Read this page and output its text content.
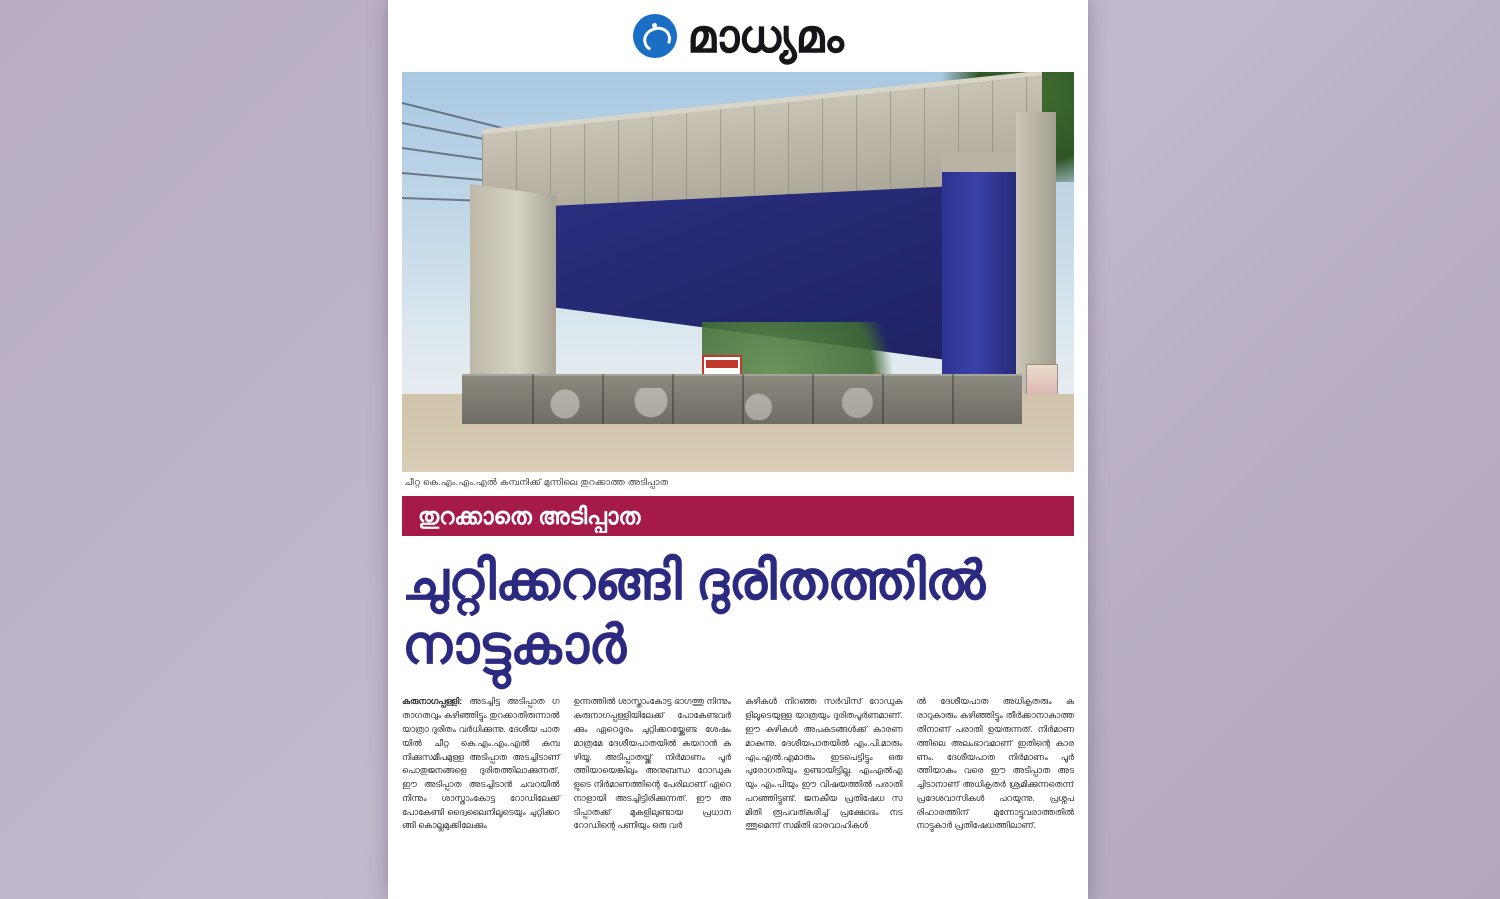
മാധ്യമം
ചീറ്റ കെ.എം.എം.എൽ കമ്പനിക്ക് മുന്നിലെ തുറക്കാത്ത അടിപ്പാത
തുറക്കാതെ അടിപ്പാത
ചുറ്റിക്കറങ്ങി ദുരിതത്തിൽ നാട്ടുകാർ
കരുനാഗപ്പള്ളി: അടച്ചിട്ട അടിപ്പാത ഗതാഗതവും കഴിഞ്ഞിട്ടും തുറക്കാതിരുന്നാൽ യാത്രാ ദുരിതം വർധിക്കുന്നു. ദേശീയ പാതയിൽ ചീറ്റ കെ.എം.എം.എൽ കമ്പനിക്കുസമീപമുള്ള അടിപ്പാത അടച്ചിടാണ് പൊതുജനങ്ങളെ ദുരിതത്തിലാക്കുന്നത്. ഈ അടിപ്പാത അടച്ചിടാൻ ചവറയിൽ നിന്നും ശാസ്താംകോട്ട റോഡിലേക്ക് പോകേണ്ടി ദ്വൈലൈനിലൂടെയും ചുറ്റിക്കറങ്ങി കൊല്ലമുക്കിലേക്കും
ഉന്നത്തിൽ ശാസ്താംകോട്ട ഭാഗത്തു നിന്നും കരുനാഗപ്പള്ളിയിലേക്ക് പോകേണ്ടവർക്കും ഏറെദൂരം ചുറ്റിക്കറയ്ക്കേണ്ട ശേഷം മാത്രമേ ദേശീയപാതയിൽ കയറാൻ കഴിയൂ. അടിപ്പാതയ്ക്ക് നിർമാണം പൂർത്തിയായെങ്കിലും അനുബന്ധ റോഡുകളുടെ നിർമാണത്തിന്റെ പേരിലാണ് ഏറെ നാളായി അടച്ചിട്ടിരിക്കുന്നത്. ഈ അടിപ്പാതക്ക് മുകളിലുണ്ടായ പ്രധാന റോഡിന്റെ പണിയും ഒരു വർ
കുഴികൾ നിറഞ്ഞ സർവിസ് റോഡുകളിലൂടെയുള്ള യാത്രയും ദുരിതപൂർണമാണ്. ഈ കുഴികൾ അപകടങ്ങൾക്ക് കാരണമാകുന്നു. ദേശീയപാതയിൽ എം.പി.മാരും എം.എൽ.എമാരും ഇടപെട്ടിട്ടും ഒരു പുരോഗതിയും ഉണ്ടായിട്ടില്ല. എംഎൽഎയും എം.പിയും ഈ വിഷയത്തിൽ പരാതി പറഞ്ഞിട്ടുണ്ട്. ജനകീയ പ്രതിഷേധ സമിതി രൂപവത്കരിച്ച് പ്രക്ഷോഭം നടത്തുമെന്ന് സമിതി ഭാരവാഹികൾ
ൽ ദേശീയപാത അധികൃതരും കരാറുകാരും കഴിഞ്ഞിട്ടും തീർക്കാനാകാത്തതിനാണ് പരാതി ഉയരുന്നത്. നിർമാണത്തിലെ അലംഭാവമാണ് ഇതിന്റെ കാരണം. ദേശീയപാത നിർമാണം പൂർത്തിയാകും വരെ ഈ അടിപ്പാത അടച്ചിടാനാണ് അധികൃതർ ശ്രമിക്കുന്നതെന്ന് പ്രദേശവാസികൾ പറയുന്നു. പ്രശ്നപരിഹാരത്തിന് മുന്നോട്ടുവരാത്തതിൽ നാട്ടുകാർ പ്രതിഷേധത്തിലാണ്.
